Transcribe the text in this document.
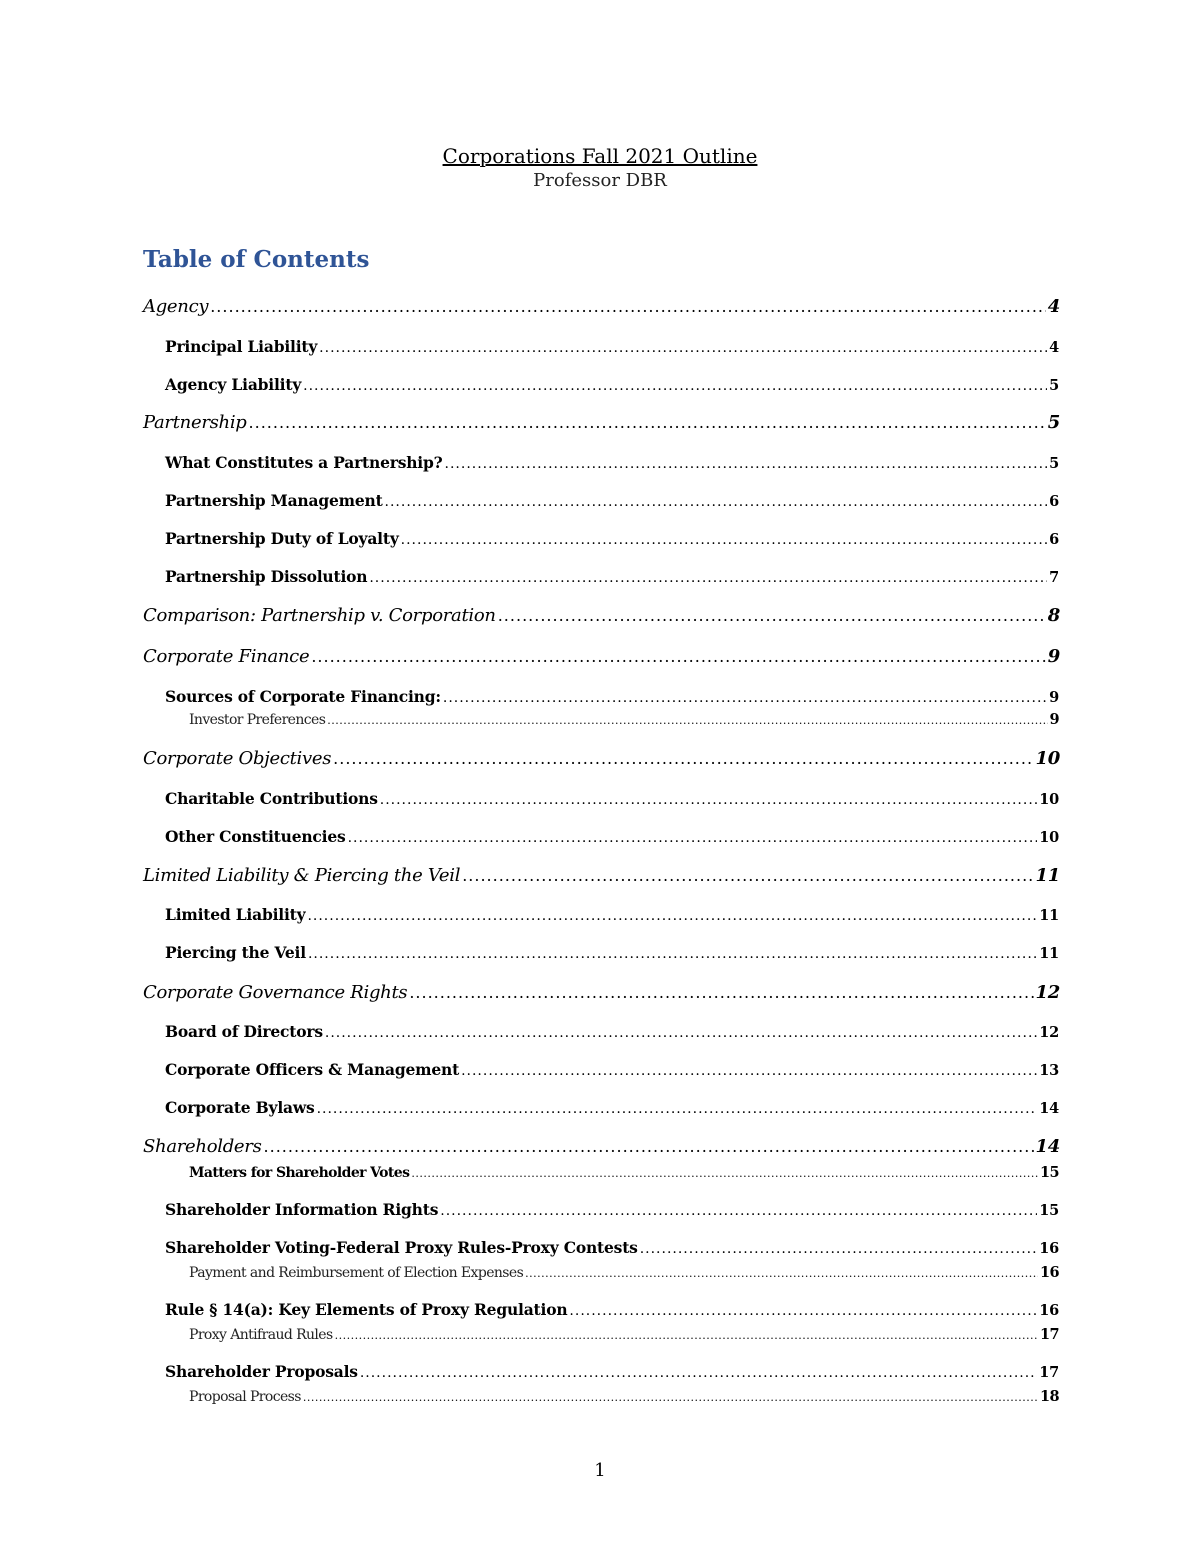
Corporations Fall 2021 Outline
Professor DBR
Table of Contents
Agency .....	4
Principal Liability .....	4
Agency Liability .....	5
Partnership .....	5
What Constitutes a Partnership? .....	5
Partnership Management .....	6
Partnership Duty of Loyalty .....	6
Partnership Dissolution .....	7
Comparison: Partnership v. Corporation .....	8
Corporate Finance .....	9
Sources of Corporate Financing: .....	9
Investor Preferences .....	9
Corporate Objectives .....	10
Charitable Contributions .....	10
Other Constituencies .....	10
Limited Liability & Piercing the Veil .....	11
Limited Liability .....	11
Piercing the Veil .....	11
Corporate Governance Rights .....	12
Board of Directors .....	12
Corporate Officers & Management .....	13
Corporate Bylaws .....	14
Shareholders .....	14
Matters for Shareholder Votes .....	15
Shareholder Information Rights .....	15
Shareholder Voting-Federal Proxy Rules-Proxy Contests .....	16
Payment and Reimbursement of Election Expenses .....	16
Rule § 14(a): Key Elements of Proxy Regulation .....	16
Proxy Antifraud Rules .....	17
Shareholder Proposals .....	17
Proposal Process .....	18
1
